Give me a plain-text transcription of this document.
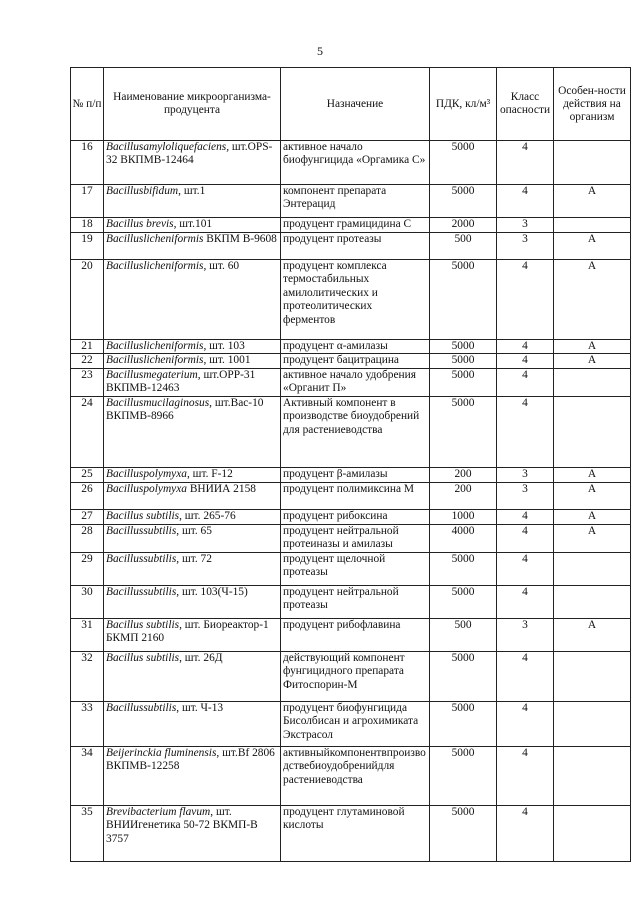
5
№ п/п	Наименование микроорганизма-продуцента	Назначение	ПДК, кл/м³	Класс опасности	Особен-ности действия на организм
16	Bacillusamyloliquefaciens, шт.OPS-32 ВКПМВ-12464	активное начало биофунгицида «Оргамика С»	5000	4	
17	Bacillusbifidum, шт.1	компонент препарата Энтерацид	5000	4	А
18	Bacillus brevis, шт.101	продуцент грамицидина С	2000	3	
19	Bacilluslicheniformis ВКПМ В-9608	продуцент протеазы	500	3	А
20	Bacilluslicheniformis, шт. 60	продуцент комплекса термостабильных амилолитических и протеолитических ферментов	5000	4	А
21	Bacilluslicheniformis, шт. 103	продуцент α-амилазы	5000	4	А
22	Bacilluslicheniformis, шт. 1001	продуцент бацитрацина	5000	4	А
23	Bacillusmegaterium, шт.ОРР-31 ВКПМВ-12463	активное начало удобрения «Органит П»	5000	4	
24	Bacillusmucilaginosus, шт.Вас-10 ВКПМВ-8966	Активный компонент в производстве биоудобрений для растениеводства	5000	4	
25	Bacilluspolymyxa, шт. F-12	продуцент β-амилазы	200	3	А
26	Bacilluspolymyxa ВНИИА 2158	продуцент полимиксина М	200	3	А
27	Bacillus subtilis, шт. 265-76	продуцент рибоксина	1000	4	А
28	Bacillussubtilis, шт. 65	продуцент нейтральной протеиназы и амилазы	4000	4	А
29	Bacillussubtilis, шт. 72	продуцент щелочной протеазы	5000	4	
30	Bacillussubtilis, шт. 103(Ч-15)	продуцент нейтральной протеазы	5000	4	
31	Bacillus subtilis, шт. Биореактор-1 БКМП 2160	продуцент рибофлавина	500	3	А
32	Bacillus subtilis, шт. 26Д	действующий компонент фунгицидного препарата Фитоспорин-М	5000	4	
33	Bacillussubtilis, шт. Ч-13	продуцент биофунгицида Бисолбисан и агрохимиката Экстрасол	5000	4	
34	Beijerinckia fluminensis, шт.Bf 2806 ВКПМВ-12258	активныйкомпонентвпроизводствебиоудобренийдля растениеводства	5000	4	
35	Brevibacterium flavum, шт. ВНИИгенетика 50-72 ВКМП-В 3757	продуцент глутаминовой кислоты	5000	4	
